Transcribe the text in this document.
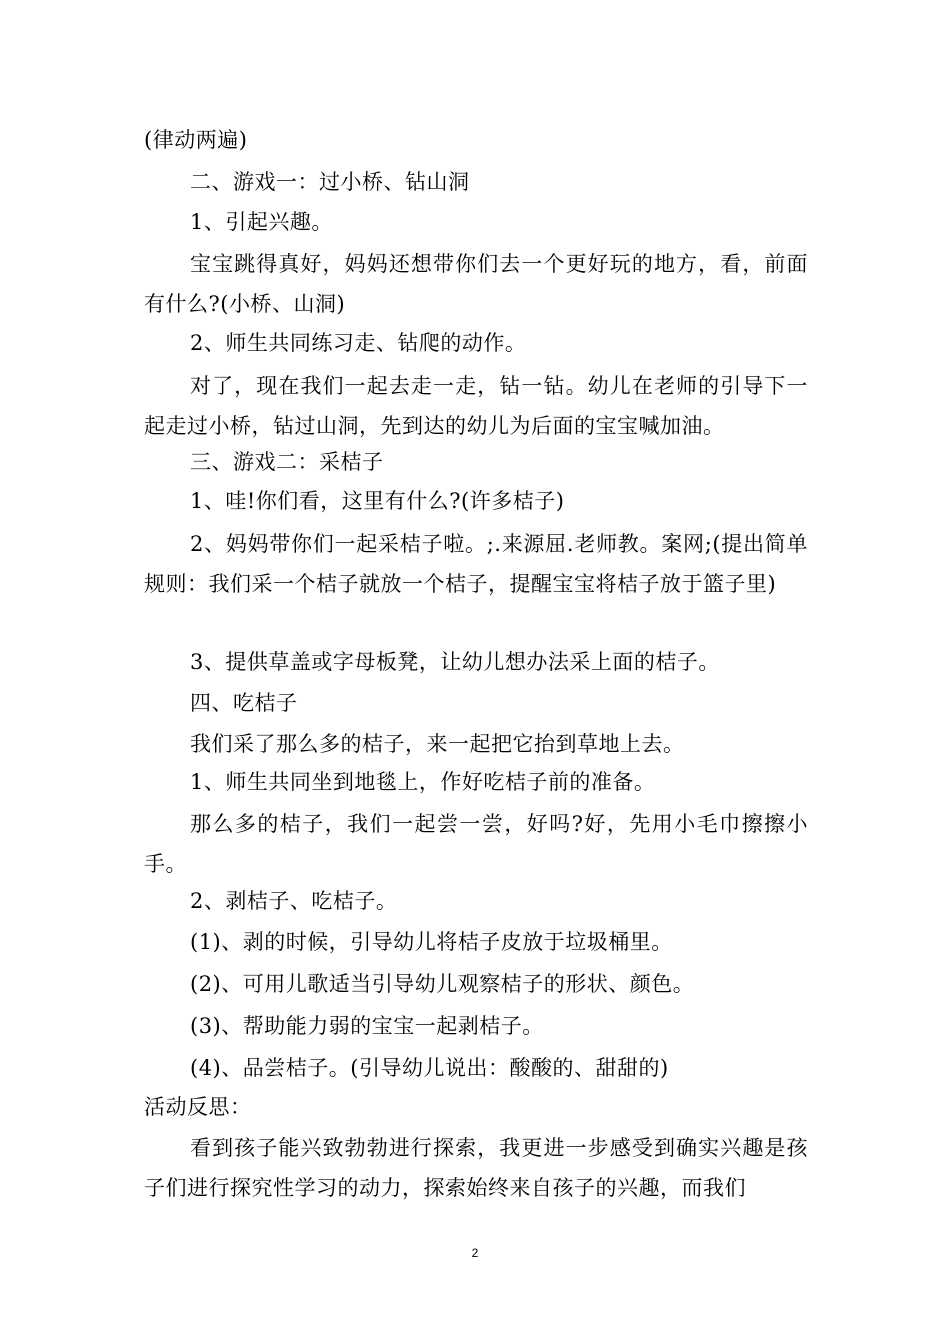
(律动两遍)
二、游戏一：过小桥、钻山洞
1、引起兴趣。
宝宝跳得真好，妈妈还想带你们去一个更好玩的地方，看，前面有什么?(小桥、山洞)
2、师生共同练习走、钻爬的动作。
对了，现在我们一起去走一走，钻一钻。幼儿在老师的引导下一起走过小桥，钻过山洞，先到达的幼儿为后面的宝宝喊加油。
三、游戏二：采桔子
1、哇!你们看，这里有什么?(许多桔子)
2、妈妈带你们一起采桔子啦。;.来源屈.老师教。案网;(提出简单规则：我们采一个桔子就放一个桔子，提醒宝宝将桔子放于篮子里)
3、提供草盖或字母板凳，让幼儿想办法采上面的桔子。
四、吃桔子
我们采了那么多的桔子，来一起把它抬到草地上去。
1、师生共同坐到地毯上，作好吃桔子前的准备。
那么多的桔子，我们一起尝一尝，好吗?好，先用小毛巾擦擦小手。
2、剥桔子、吃桔子。
(1)、剥的时候，引导幼儿将桔子皮放于垃圾桶里。
(2)、可用儿歌适当引导幼儿观察桔子的形状、颜色。
(3)、帮助能力弱的宝宝一起剥桔子。
(4)、品尝桔子。(引导幼儿说出：酸酸的、甜甜的)
活动反思：
看到孩子能兴致勃勃进行探索，我更进一步感受到确实兴趣是孩子们进行探究性学习的动力，探索始终来自孩子的兴趣，而我们
2
